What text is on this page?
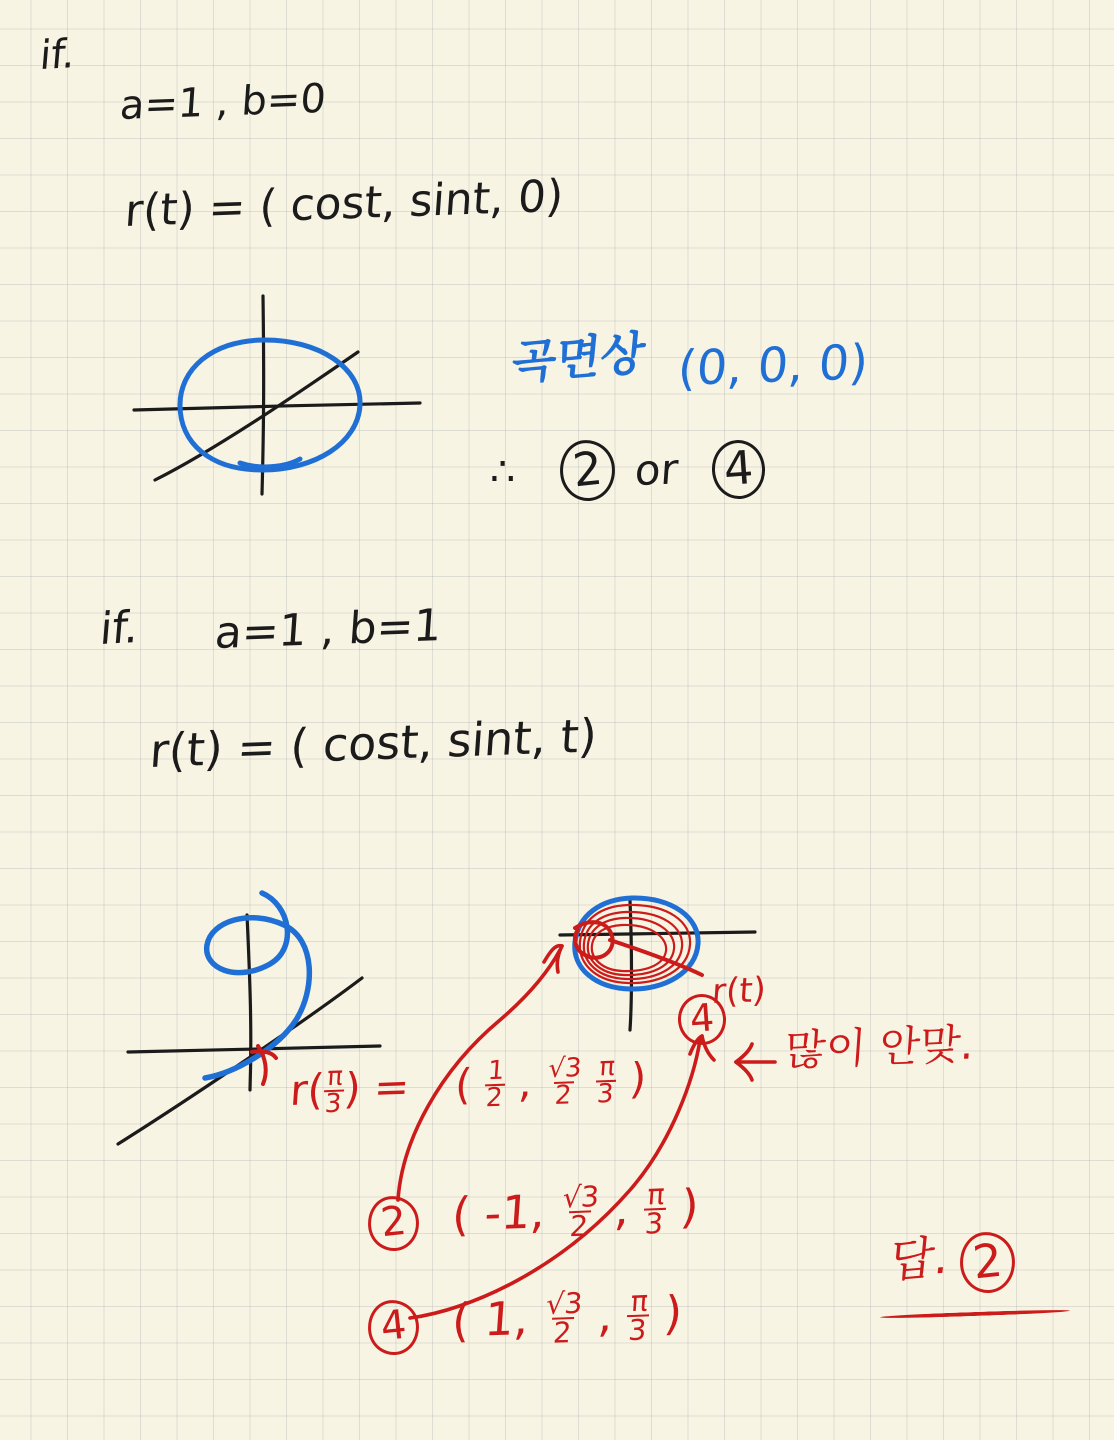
if.
a=1 , b=0
r(t) = ( cost, sint, 0)
곡면상 (0, 0, 0)
∴ 2 or 4
if. a=1 , b=1
r(t) = ( cost, sint, t)
r(
$\frac{\pi}{3}$
) = ( $\frac{1}{2}$ , $\frac{√3}{2}$
$\frac{\pi}{3}$ )
많이 안맞.
r(t)
4
2 ( -1, $\frac{√3}{2}$ , $\frac{\pi}{3}$ )
4 ( 1, $\frac{√3}{2}$ , $\frac{\pi}{3}$ )
답. 2
